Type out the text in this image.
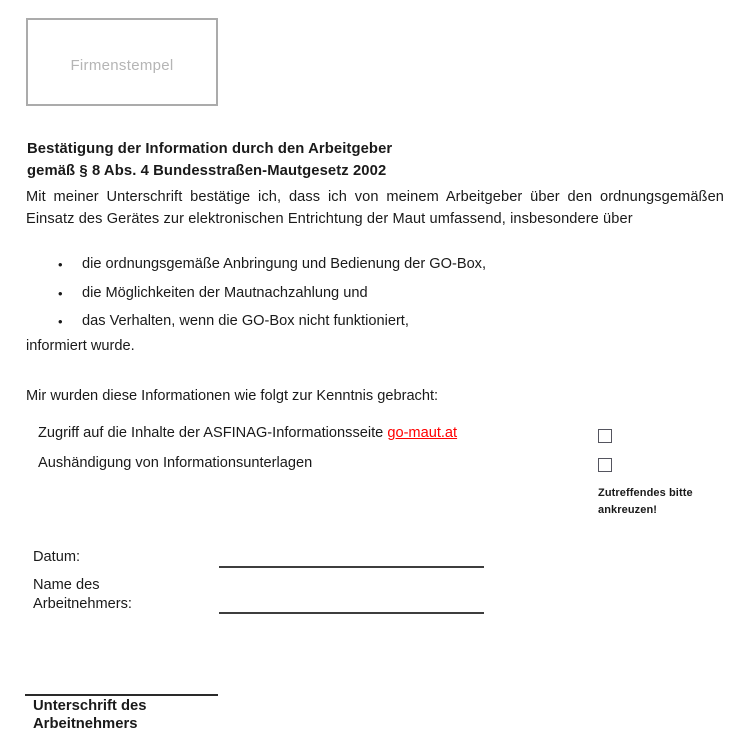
Firmenstempel
Bestätigung der Information durch den Arbeitgeber
gemäß § 8 Abs. 4 Bundesstraßen-Mautgesetz 2002

Mit meiner Unterschrift bestätige ich, dass ich von meinem Arbeitgeber über den ordnungsgemäßen Einsatz des Gerätes zur elektronischen Entrichtung der Maut umfassend, insbesondere über

• die ordnungsgemäße Anbringung und Bedienung der GO-Box,
• die Möglichkeiten der Mautnachzahlung und
• das Verhalten, wenn die GO-Box nicht funktioniert,
informiert wurde.
Mir wurden diese Informationen wie folgt zur Kenntnis gebracht:
Zugriff auf die Inhalte der ASFINAG-Informationsseite go-maut.at
Aushändigung von Informationsunterlagen
Zutreffendes bitte ankreuzen!
Datum:
Name des
Arbeitnehmers:
Unterschrift des
Arbeitnehmers
